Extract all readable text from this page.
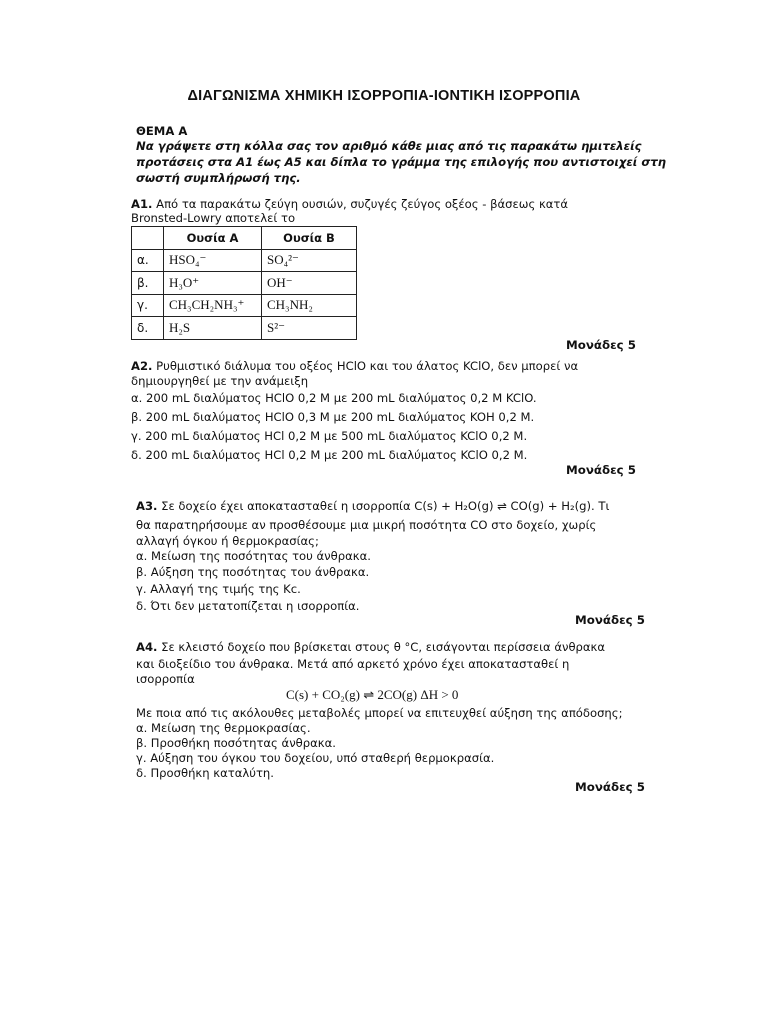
ΔΙΑΓΩΝΙΣΜΑ ΧΗΜΙΚΗ ΙΣΟΡΡΟΠΙΑ-ΙΟΝΤΙΚΗ ΙΣΟΡΡΟΠΙΑ
ΘΕΜΑ Α
Να γράψετε στη κόλλα σας τον αριθμό κάθε μιας από τις παρακάτω ημιτελείς
προτάσεις στα Α1 έως Α5 και δίπλα το γράμμα της επιλογής που αντιστοιχεί στη
σωστή συμπλήρωσή της.
Α1. Από τα παρακάτω ζεύγη ουσιών, συζυγές ζεύγος οξέος - βάσεως κατά
Bronsted-Lowry αποτελεί το
	Ουσία Α	Ουσία Β
α.	HSO₄⁻	SO₄²⁻
β.	H₃O⁺	OH⁻
γ.	CH₃CH₂NH₃⁺	CH₃NH₂
δ.	H₂S	S²⁻
Μονάδες 5
Α2. Ρυθμιστικό διάλυμα του οξέος HClO και του άλατος KClO, δεν μπορεί να
δημιουργηθεί με την ανάμειξη
α. 200 mL διαλύματος HClO 0,2 M με 200 mL διαλύματος 0,2 M KClO.
β. 200 mL διαλύματος HClO 0,3 M με 200 mL διαλύματος KOH 0,2 M.
γ. 200 mL διαλύματος HCl 0,2 M με 500 mL διαλύματος KClO 0,2 M.
δ. 200 mL διαλύματος HCl 0,2 M με 200 mL διαλύματος KClO 0,2 M.
Μονάδες 5
Α3. Σε δοχείο έχει αποκατασταθεί η ισορροπία C(s) + H₂O(g) ⇌ CO(g) + H₂(g). Τι
θα παρατηρήσουμε αν προσθέσουμε μια μικρή ποσότητα CO στο δοχείο, χωρίς
αλλαγή όγκου ή θερμοκρασίας;
α. Μείωση της ποσότητας του άνθρακα.
β. Αύξηση της ποσότητας του άνθρακα.
γ. Αλλαγή της τιμής της Kc.
δ. Ότι δεν μετατοπίζεται η ισορροπία.
Μονάδες 5
Α4. Σε κλειστό δοχείο που βρίσκεται στους θ °C, εισάγονται περίσσεια άνθρακα
και διοξείδιο του άνθρακα. Μετά από αρκετό χρόνο έχει αποκατασταθεί η
ισορροπία
C(s) + CO₂(g) ⇌ 2CO(g) ΔH > 0
Με ποια από τις ακόλουθες μεταβολές μπορεί να επιτευχθεί αύξηση της απόδοσης;
α. Μείωση της θερμοκρασίας.
β. Προσθήκη ποσότητας άνθρακα.
γ. Αύξηση του όγκου του δοχείου, υπό σταθερή θερμοκρασία.
δ. Προσθήκη καταλύτη.
Μονάδες 5
